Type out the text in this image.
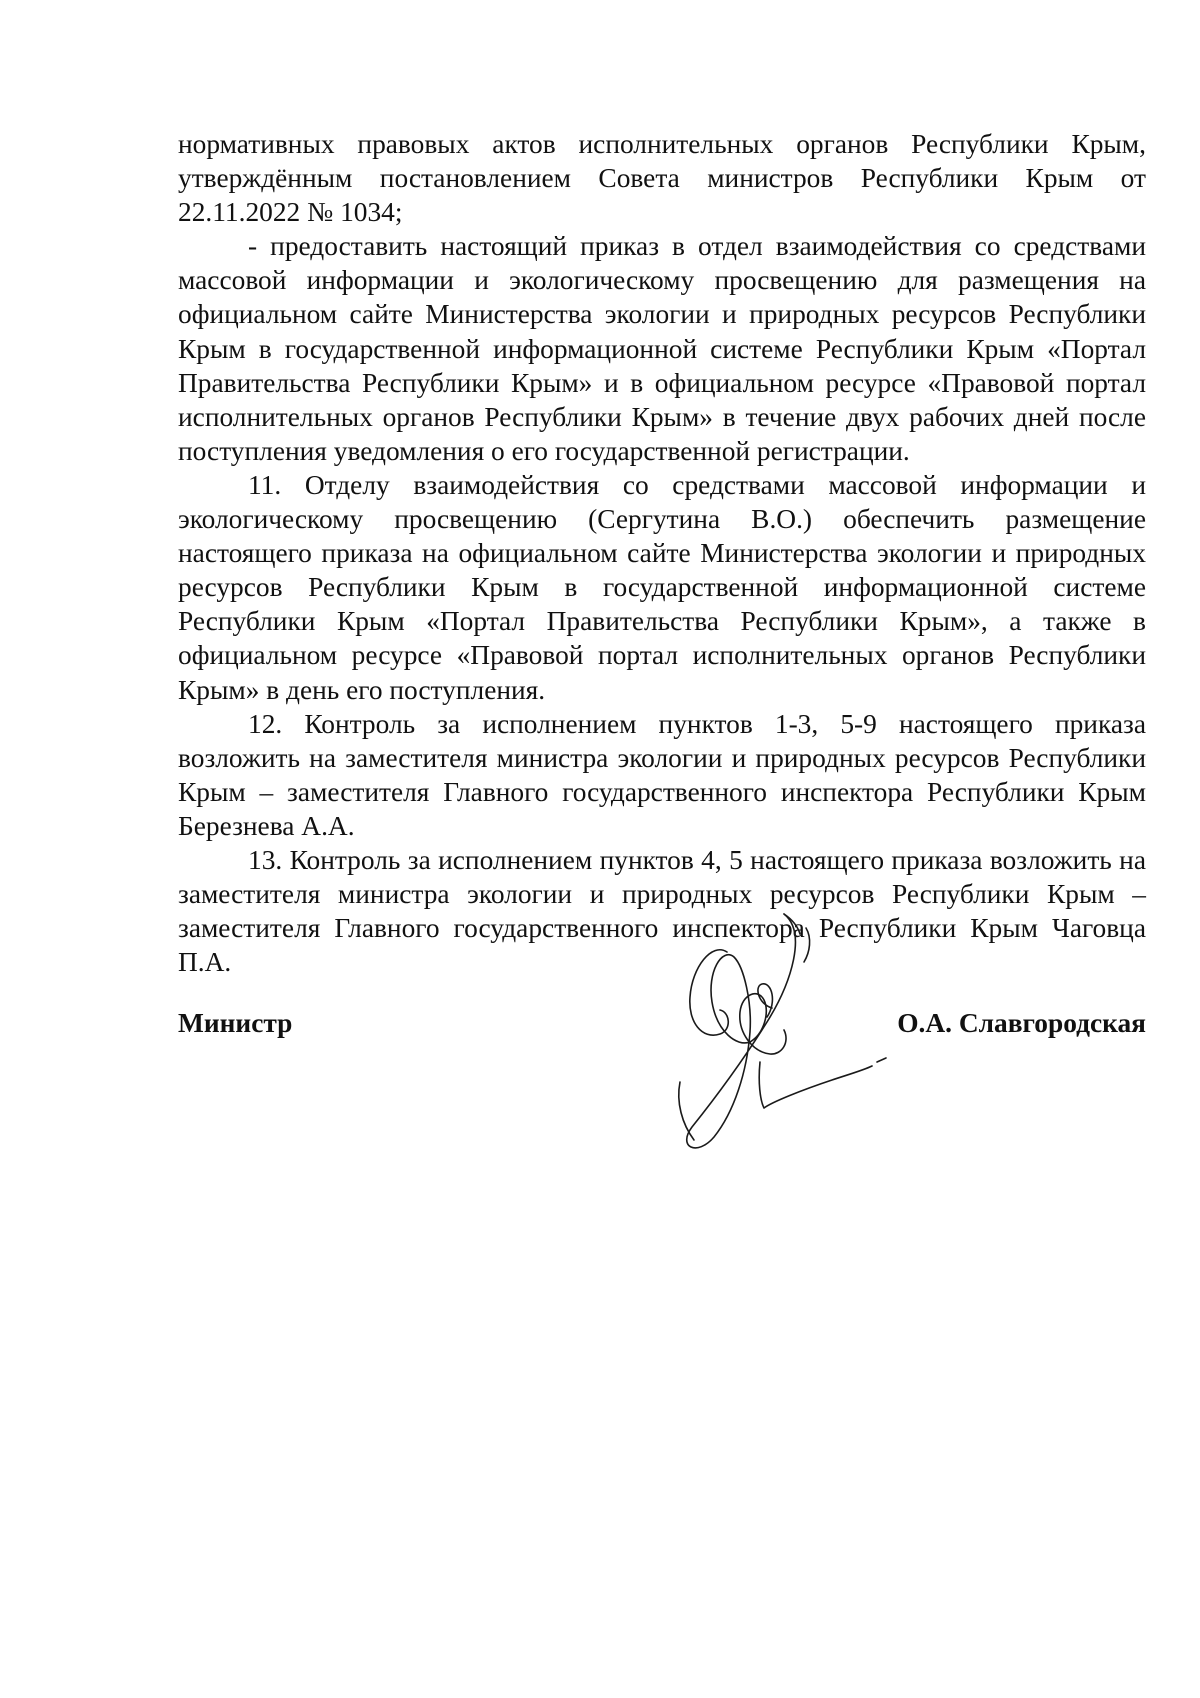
нормативных правовых актов исполнительных органов Республики Крым, утверждённым постановлением Совета министров Республики Крым от 22.11.2022 № 1034;

- предоставить настоящий приказ в отдел взаимодействия со средствами массовой информации и экологическому просвещению для размещения на официальном сайте Министерства экологии и природных ресурсов Республики Крым в государственной информационной системе Республики Крым «Портал Правительства Республики Крым» и в официальном ресурсе «Правовой портал исполнительных органов Республики Крым» в течение двух рабочих дней после поступления уведомления о его государственной регистрации.

11. Отделу взаимодействия со средствами массовой информации и экологическому просвещению (Сергутина В.О.) обеспечить размещение настоящего приказа на официальном сайте Министерства экологии и природных ресурсов Республики Крым в государственной информационной системе Республики Крым «Портал Правительства Республики Крым», а также в официальном ресурсе «Правовой портал исполнительных органов Республики Крым» в день его поступления.

12. Контроль за исполнением пунктов 1-3, 5-9 настоящего приказа возложить на заместителя министра экологии и природных ресурсов Республики Крым – заместителя Главного государственного инспектора Республики Крым Березнева А.А.

13. Контроль за исполнением пунктов 4, 5 настоящего приказа возложить на заместителя министра экологии и природных ресурсов Республики Крым – заместителя Главного государственного инспектора Республики Крым Чаговца П.А.

Министр	О.А. Славгородская
